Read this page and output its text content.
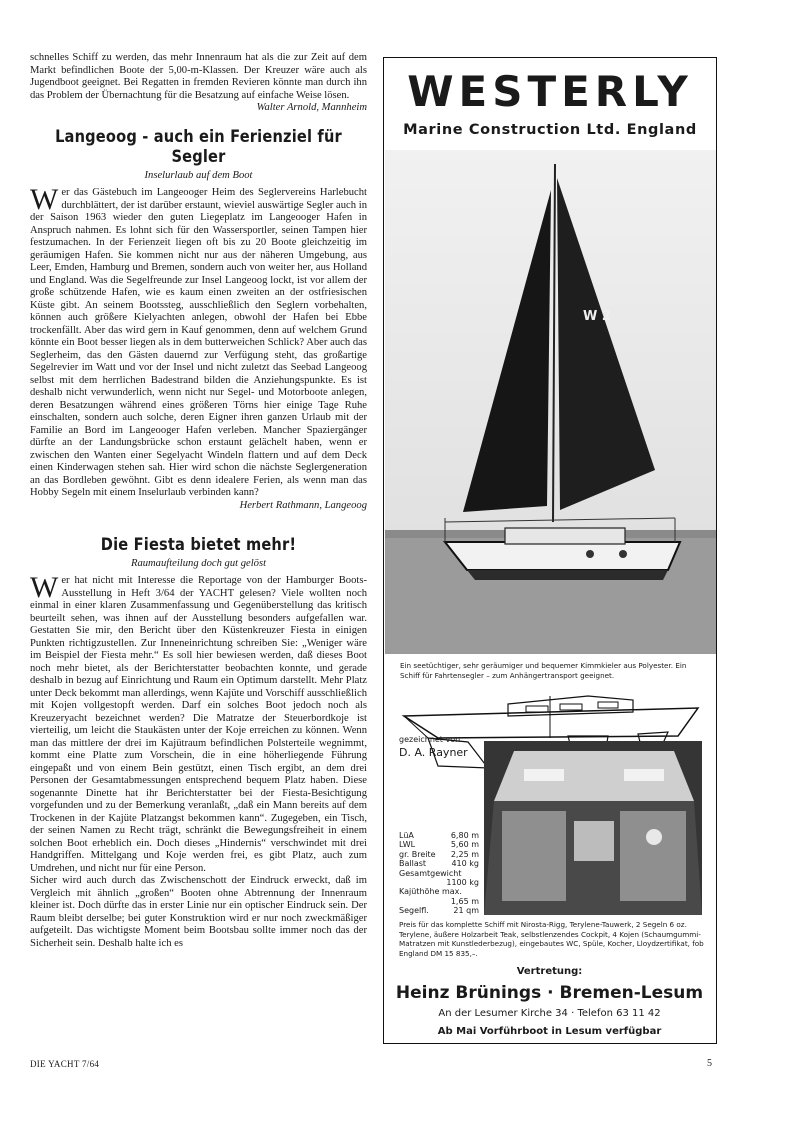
schnelles Schiff zu werden, das mehr Innenraum hat als die zur Zeit auf dem Markt befindlichen Boote der 5,00-m-Klassen. Der Kreuzer wäre auch als Jugendboot geeignet. Bei Regatten in fremden Revieren könnte man durch ihn das Problem der Übernachtung für die Besatzung auf einfache Weise lösen.
Walter Arnold, Mannheim

Langeoog - auch ein Ferienziel für Segler
Inselurlaub auf dem Boot

Wer das Gästebuch im Langeooger Heim des Seglervereins Harlebucht durchblättert, der ist darüber erstaunt, wieviel auswärtige Segler auch in der Saison 1963 wieder den guten Liegeplatz im Langeooger Hafen in Anspruch nahmen. Es lohnt sich für den Wassersportler, seinen Tampen hier festzumachen. In der Ferienzeit liegen oft bis zu 20 Boote gleichzeitig im geräumigen Hafen. Sie kommen nicht nur aus der näheren Umgebung, aus Leer, Emden, Hamburg und Bremen, sondern auch von weiter her, aus Holland und England. Was die Segelfreunde zur Insel Langeoog lockt, ist vor allem der große schützende Hafen, wie es kaum einen zweiten an der ostfriesischen Küste gibt. An seinem Bootssteg, ausschließlich den Seglern vorbehalten, können auch größere Kielyachten anlegen, obwohl der Hafen bei Ebbe trockenfällt. Aber das wird gern in Kauf genommen, denn auf welchem Grund könnte ein Boot besser liegen als in dem butterweichen Schlick? Aber auch das Seglerheim, das den Gästen dauernd zur Verfügung steht, das großartige Segelrevier im Watt und vor der Insel und nicht zuletzt das Seebad Langeoog selbst mit dem herrlichen Badestrand bilden die Anziehungspunkte. Es ist deshalb nicht verwunderlich, wenn nicht nur Segel- und Motorboote anlegen, deren Besatzungen während eines größeren Törns hier einige Tage Ruhe einschalten, sondern auch solche, deren Eigner ihren ganzen Urlaub mit der Familie an Bord im Langeooger Hafen verleben. Mancher Spaziergänger dürfte an der Landungsbrücke schon erstaunt gelächelt haben, wenn er zwischen den Wanten einer Segelyacht Windeln flattern und auf dem Deck einen Kinderwagen stehen sah. Hier wird schon die nächste Seglergeneration an das Bordleben gewöhnt. Gibt es denn idealere Ferien, als wenn man das Hobby Segeln mit einem Inselurlaub verbinden kann?

Herbert Rathmann, Langeoog

Die Fiesta bietet mehr!
Raumaufteilung doch gut gelöst

Wer hat nicht mit Interesse die Reportage von der Hamburger Boots-Ausstellung in Heft 3/64 der YACHT gelesen? Viele wollten noch einmal in einer klaren Zusammenfassung und Gegenüberstellung das kritisch beurteilt sehen, was ihnen auf der Ausstellung besonders aufgefallen war. Gestatten Sie mir, den Bericht über den Küstenkreuzer Fiesta in einigen Punkten richtigzustellen. Zur Inneneinrichtung schreiben Sie: „Weniger wäre im Beispiel der Fiesta mehr.“ Es soll hier bewiesen werden, daß dieses Boot noch mehr bietet, als der Berichterstatter beobachten konnte, und gerade deshalb in bezug auf Einrichtung und Raum ein Optimum darstellt. Mehr Platz unter Deck bekommt man allerdings, wenn Kajüte und Vorschiff ausschließlich mit Kojen vollgestopft werden. Darf ein solches Boot jedoch noch als Kreuzeryacht bezeichnet werden? Die Matratze der Steuerbordkoje ist vierteilig, um leicht die Staukästen unter der Koje erreichen zu können. Wenn man das mittlere der drei im Kajütraum befindlichen Polsterteile wegnimmt, kommt eine Platte zum Vorschein, die in eine höherliegende Führung eingepaßt und von einem Bein gestützt, einen Tisch ergibt, an dem drei Personen der Gesamtabmessungen entsprechend bequem Platz haben. Diese sogenannte Dinette hat ihr Berichterstatter bei der Fiesta-Besichtigung vorgefunden und zu der Bemerkung veranlaßt, „daß ein Mann bereits auf dem Trockenen in der Kajüte Platzangst bekommen kann“. Zugegeben, ein Tisch, der seinen Namen zu Recht trägt, schränkt die Bewegungsfreiheit in einem solchen Boot erheblich ein. Doch dieses „Hindernis“ verschwindet mit drei Handgriffen. Mittelgang und Koje werden frei, es gibt Platz, auch zum Umdrehen, und nicht nur für eine Person.

Sicher wird auch durch das Zwischenschott der Eindruck erweckt, daß im Vergleich mit ähnlich „großen“ Booten ohne Abtrennung der Innenraum kleiner ist. Doch dürfte das in erster Linie nur ein optischer Eindruck sein. Der Raum bleibt derselbe; bei guter Konstruktion wird er nur noch zweckmäßiger aufgeteilt. Das wichtigste Moment beim Bootsbau sollte immer noch das der Sicherheit sein. Deshalb halte ich es

WESTERLY
Marine Construction Ltd. England
W 2
Ein seetüchtiger, sehr geräumiger und bequemer Kimmkieler aus Polyester. Ein Schiff für Fahrtensegler – zum Anhängertransport geeignet.
gezeichnet von
D. A. Rayner
LüA	6,80 m
LWL	5,60 m
gr. Breite 2,25 m
Ballast	410 kg
Gesamtgewicht
1100 kg
Kajüthöhe max.
1,65 m
Segelfl.	21 qm
Preis für das komplette Schiff mit Nirosta-Rigg, Terylene-Tauwerk, 2 Segeln 6 oz. Terylene, äußere Holzarbeit Teak, selbstlenzendes Cockpit, 4 Kojen (Schaumgummi-Matratzen mit Kunstlederbezug), eingebautes WC, Spüle, Kocher, Lloydzertifikat, fob England DM 15 835,–.
Vertretung:
Heinz Brünings · Bremen-Lesum
An der Lesumer Kirche 34 · Telefon 63 11 42
Ab Mai Vorführboot in Lesum verfügbar
DIE YACHT 7/64	5
